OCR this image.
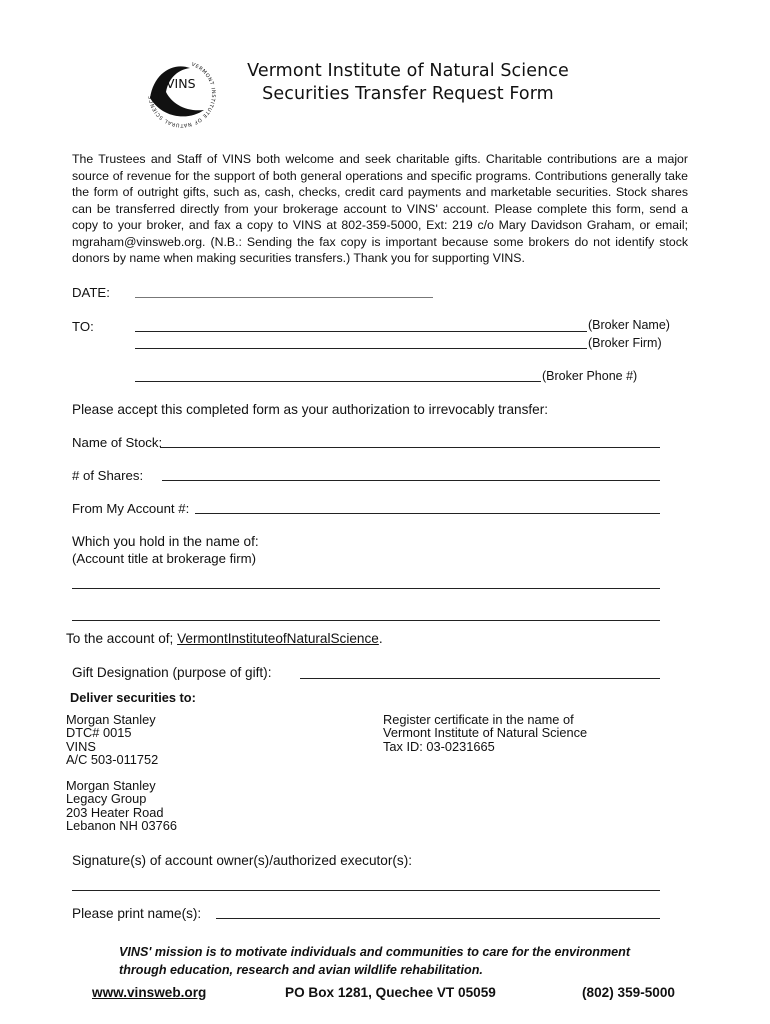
VERMONT INSTITUTE OF NATURAL SCIENCE
VINS
Vermont Institute of Natural Science
Securities Transfer Request Form
The Trustees and Staff of VINS both welcome and seek charitable gifts. Charitable contributions are a major source of revenue for the support of both general operations and specific programs. Contributions generally take the form of outright gifts, such as, cash, checks, credit card payments and marketable securities. Stock shares can be transferred directly from your brokerage account to VINS' account. Please complete this form, send a copy to your broker, and fax a copy to VINS at 802-359-5000, Ext: 219 c/o Mary Davidson Graham, or email; mgraham@vinsweb.org. (N.B.: Sending the fax copy is important because some brokers do not identify stock donors by name when making securities transfers.) Thank you for supporting VINS.
DATE:
TO:	(Broker Name)
(Broker Firm)
(Broker Phone #)
Please accept this completed form as your authorization to irrevocably transfer:
Name of Stock:
# of Shares:
From My Account #:
Which you hold in the name of:
(Account title at brokerage firm)
To the account of; VermontInstituteofNaturalScience.
Gift Designation (purpose of gift):
Deliver securities to:
Morgan Stanley
DTC# 0015
VINS
A/C 503-011752
Morgan Stanley
Legacy Group
203 Heater Road
Lebanon NH 03766
Register certificate in the name of
Vermont Institute of Natural Science
Tax ID: 03-0231665
Signature(s) of account owner(s)/authorized executor(s):
Please print name(s):
VINS' mission is to motivate individuals and communities to care for the environment through education, research and avian wildlife rehabilitation.
www.vinsweb.org	PO Box 1281, Quechee VT 05059	(802) 359-5000
